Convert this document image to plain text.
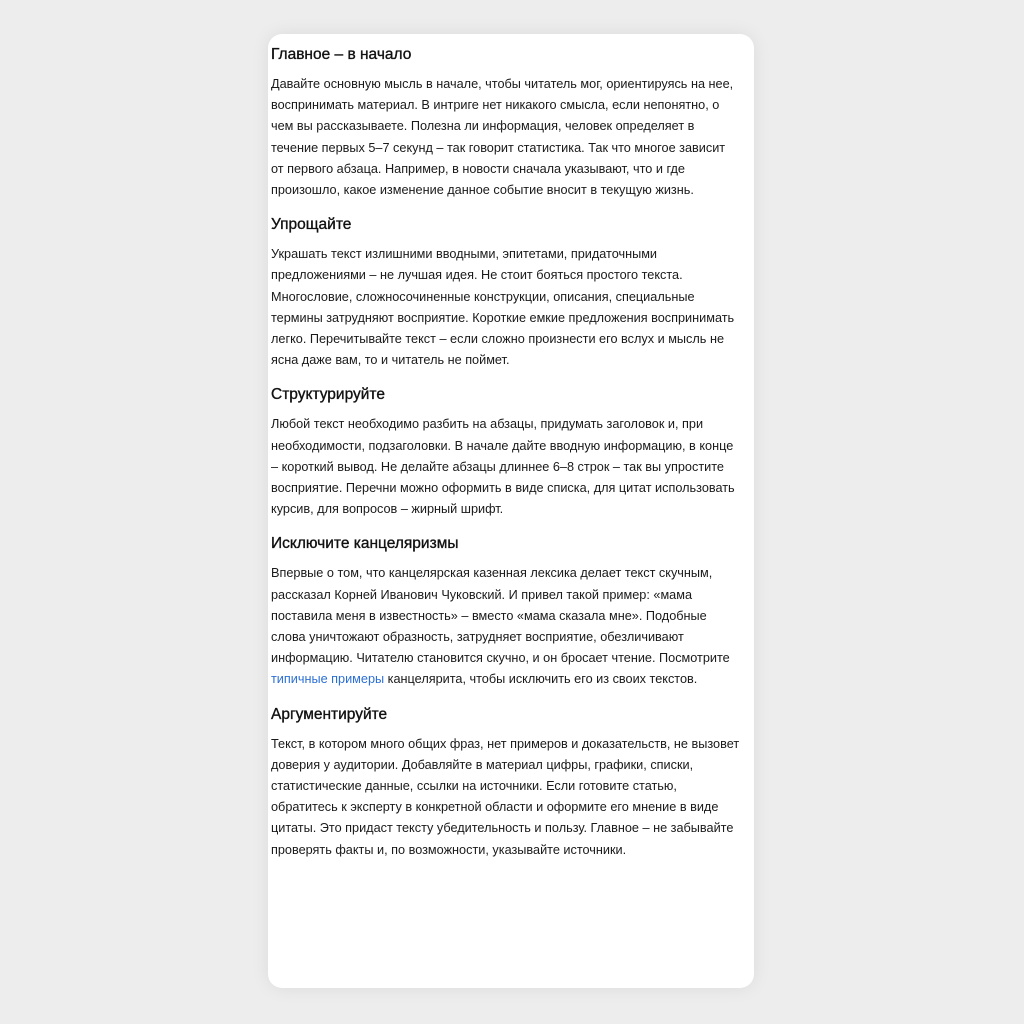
Главное – в начало

Давайте основную мысль в начале, чтобы читатель мог, ориентируясь на нее, воспринимать материал. В интриге нет никакого смысла, если непонятно, о чем вы рассказываете. Полезна ли информация, человек определяет в течение первых 5–7 секунд – так говорит статистика. Так что многое зависит от первого абзаца. Например, в новости сначала указывают, что и где произошло, какое изменение данное событие вносит в текущую жизнь.

Упрощайте

Украшать текст излишними вводными, эпитетами, придаточными предложениями – не лучшая идея. Не стоит бояться простого текста. Многословие, сложносочиненные конструкции, описания, специальные термины затрудняют восприятие. Короткие емкие предложения воспринимать легко. Перечитывайте текст – если сложно произнести его вслух и мысль не ясна даже вам, то и читатель не поймет.

Структурируйте

Любой текст необходимо разбить на абзацы, придумать заголовок и, при необходимости, подзаголовки. В начале дайте вводную информацию, в конце – короткий вывод. Не делайте абзацы длиннее 6–8 строк – так вы упростите восприятие. Перечни можно оформить в виде списка, для цитат использовать курсив, для вопросов – жирный шрифт.

Исключите канцеляризмы

Впервые о том, что канцелярская казенная лексика делает текст скучным, рассказал Корней Иванович Чуковский. И привел такой пример: «мама поставила меня в известность» – вместо «мама сказала мне». Подобные слова уничтожают образность, затрудняет восприятие, обезличивают информацию. Читателю становится скучно, и он бросает чтение. Посмотрите типичные примеры канцелярита, чтобы исключить его из своих текстов.

Аргументируйте

Текст, в котором много общих фраз, нет примеров и доказательств, не вызовет доверия у аудитории. Добавляйте в материал цифры, графики, списки, статистические данные, ссылки на источники. Если готовите статью, обратитесь к эксперту в конкретной области и оформите его мнение в виде цитаты. Это придаст тексту убедительность и пользу. Главное – не забывайте проверять факты и, по возможности, указывайте источники.
